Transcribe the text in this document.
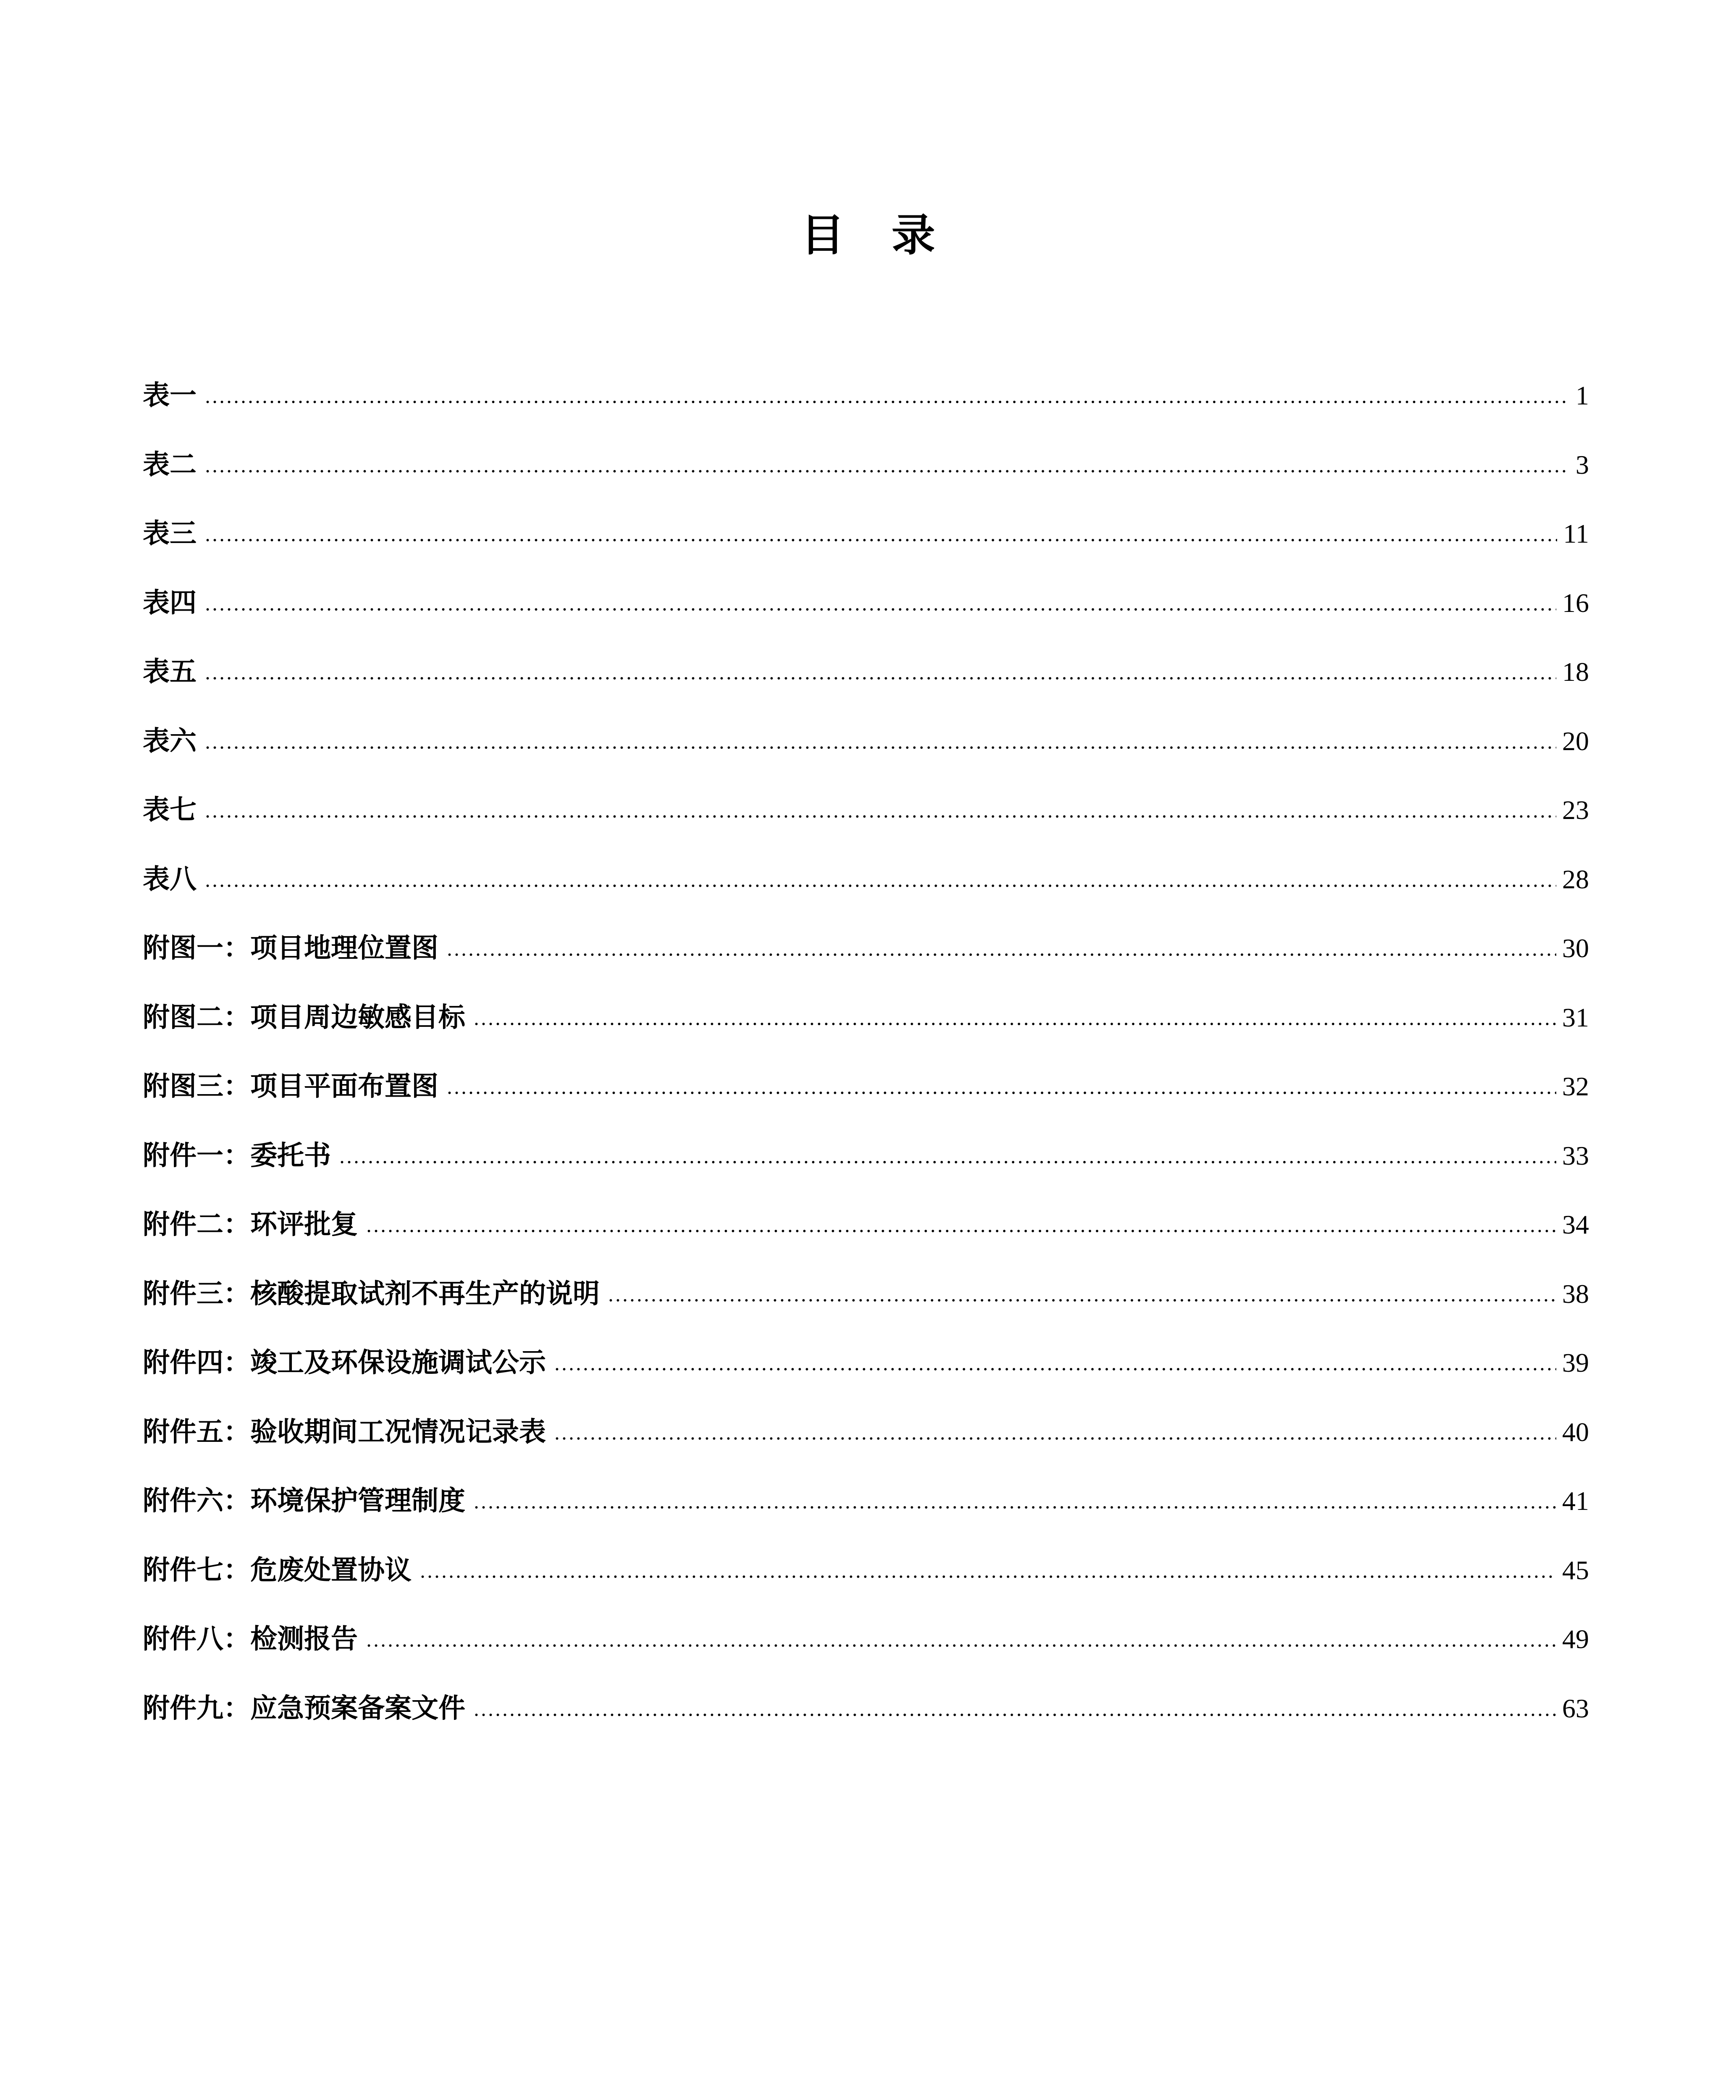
目 录
表一	1
表二	3
表三	11
表四	16
表五	18
表六	20
表七	23
表八	28
附图一：项目地理位置图	30
附图二：项目周边敏感目标	31
附图三：项目平面布置图	32
附件一：委托书	33
附件二：环评批复	34
附件三：核酸提取试剂不再生产的说明	38
附件四：竣工及环保设施调试公示	39
附件五：验收期间工况情况记录表	40
附件六：环境保护管理制度	41
附件七：危废处置协议	45
附件八：检测报告	49
附件九：应急预案备案文件	63
